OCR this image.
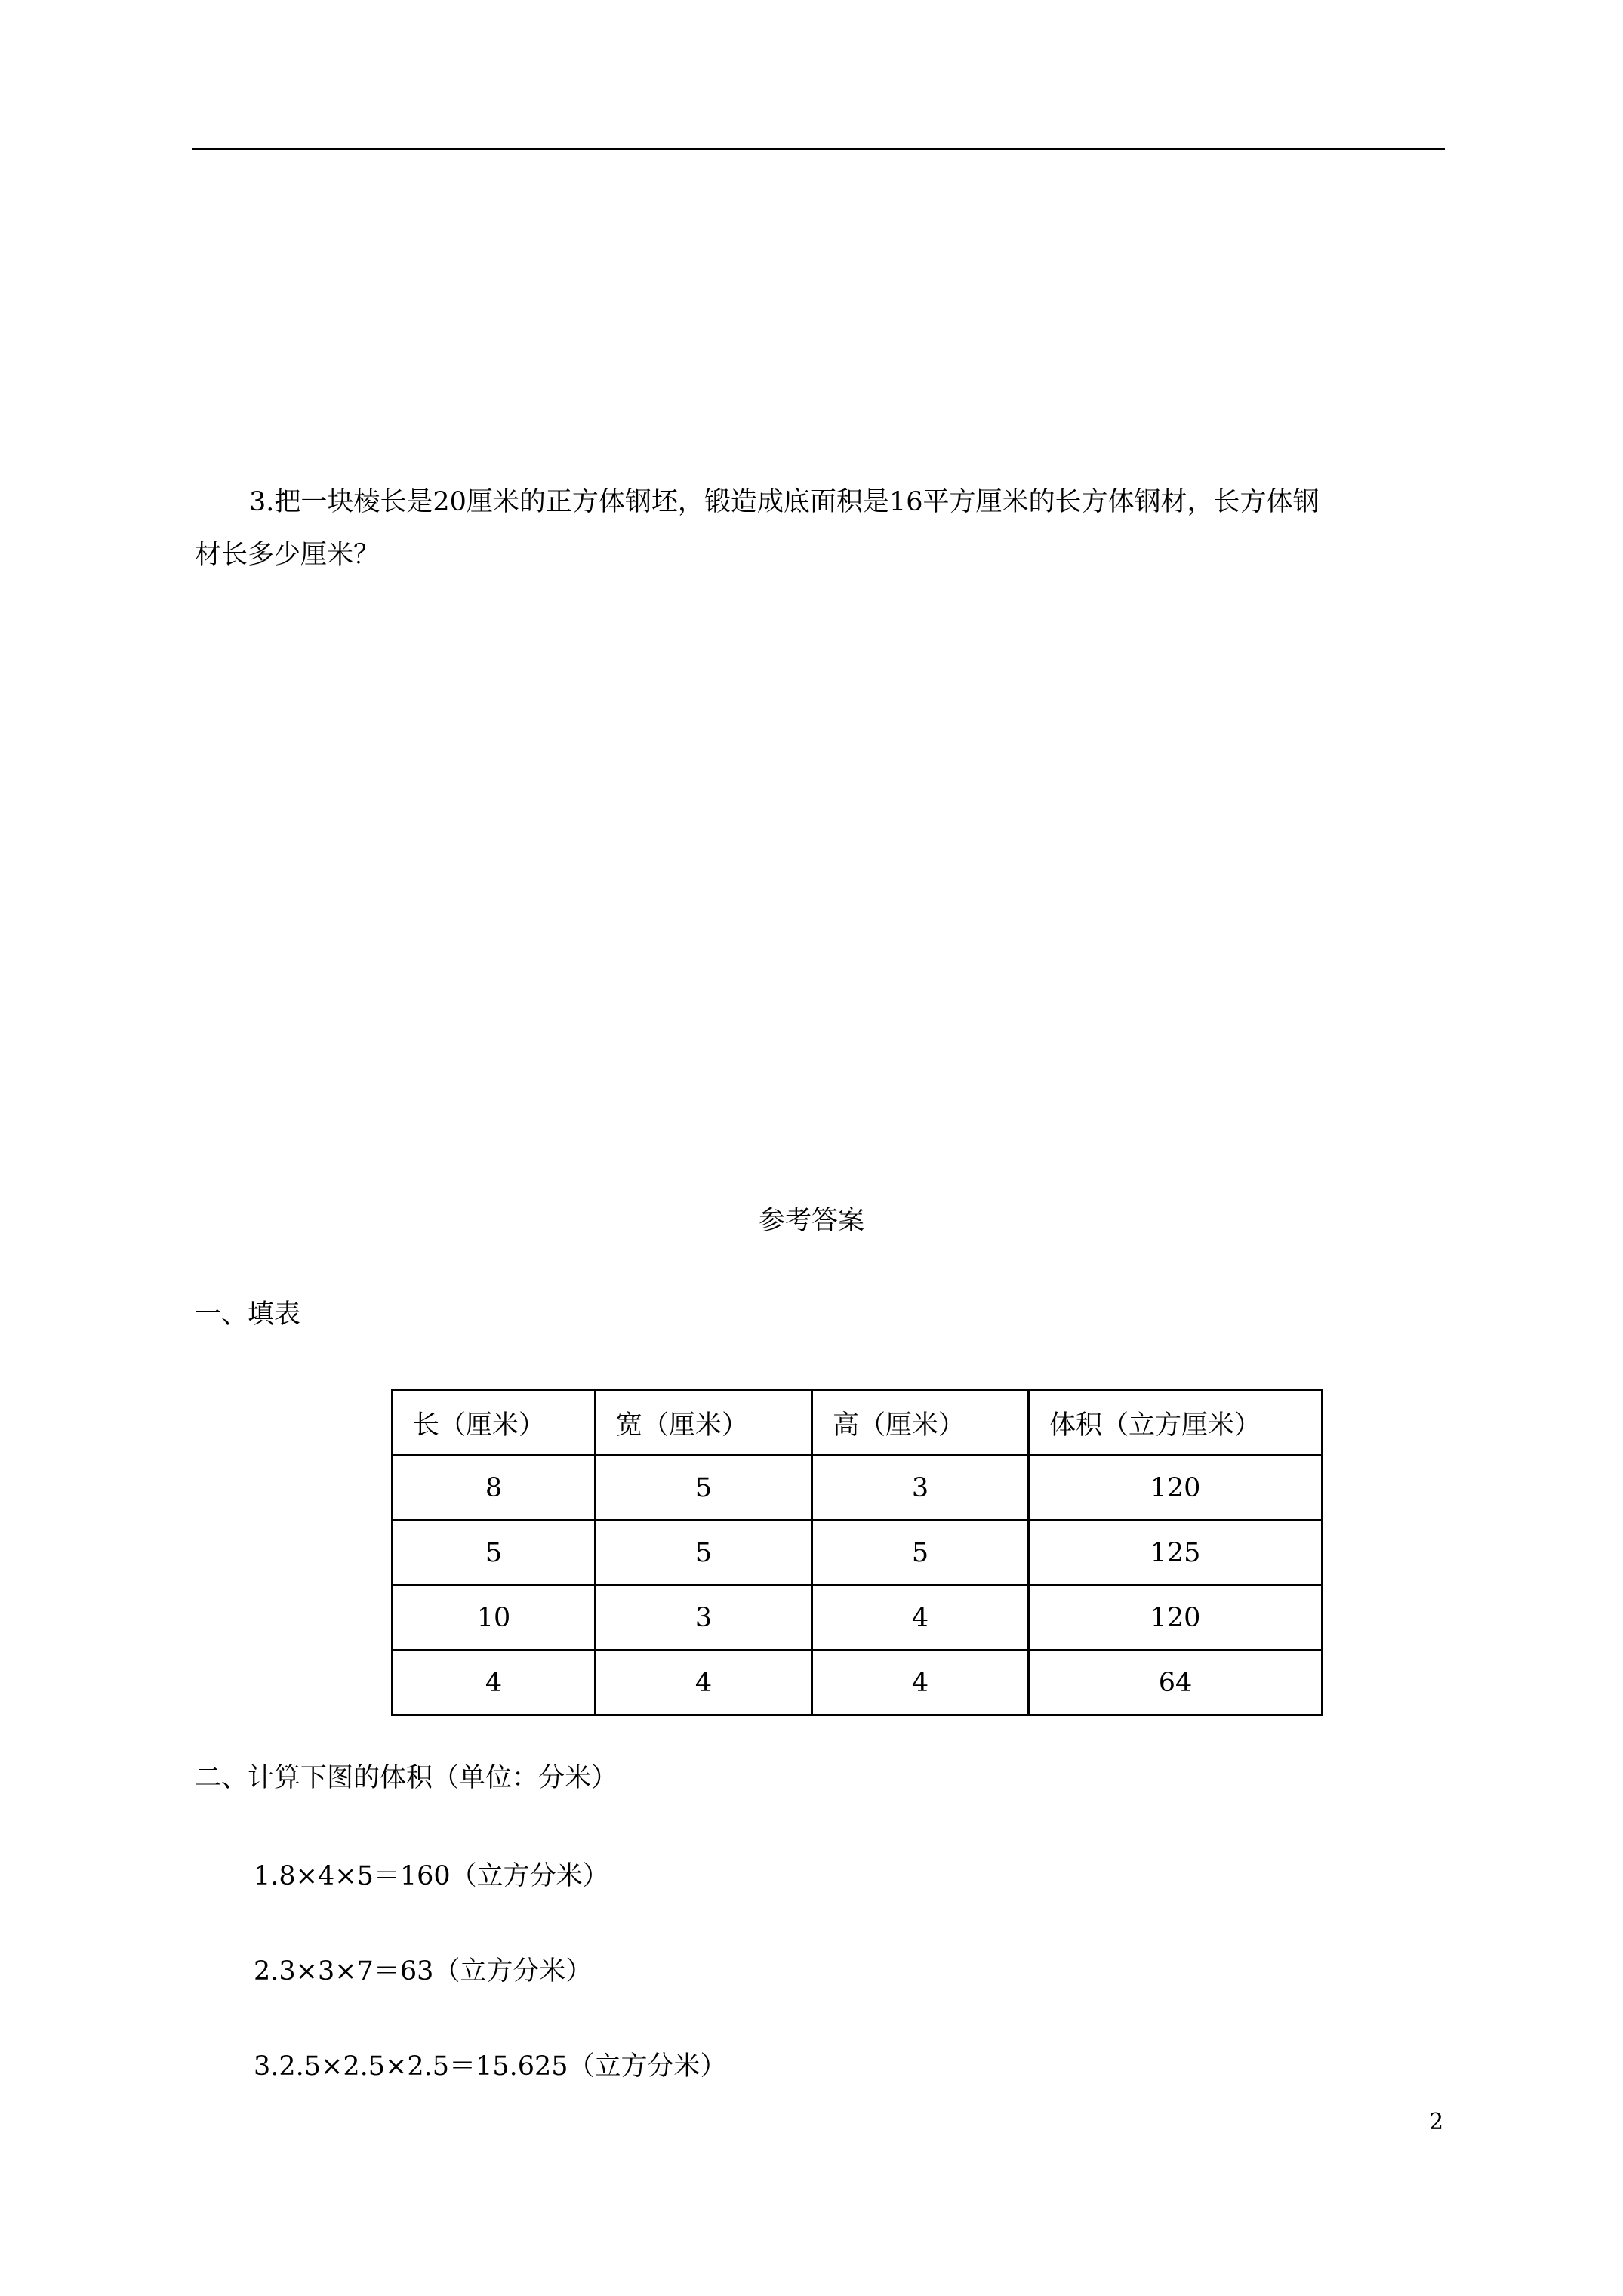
3.把一块棱长是20厘米的正方体钢坯，锻造成底面积是16平方厘米的长方体钢材，长方体钢
材长多少厘米？
参考答案
一、填表
长（厘米）	宽（厘米）	高（厘米）	体积（立方厘米）
8	5	3	120
5	5	5	125
10	3	4	120
4	4	4	64
二、计算下图的体积（单位：分米）
1.8×4×5＝160（立方分米）
2.3×3×7＝63（立方分米）
3.2.5×2.5×2.5＝15.625（立方分米）
2
